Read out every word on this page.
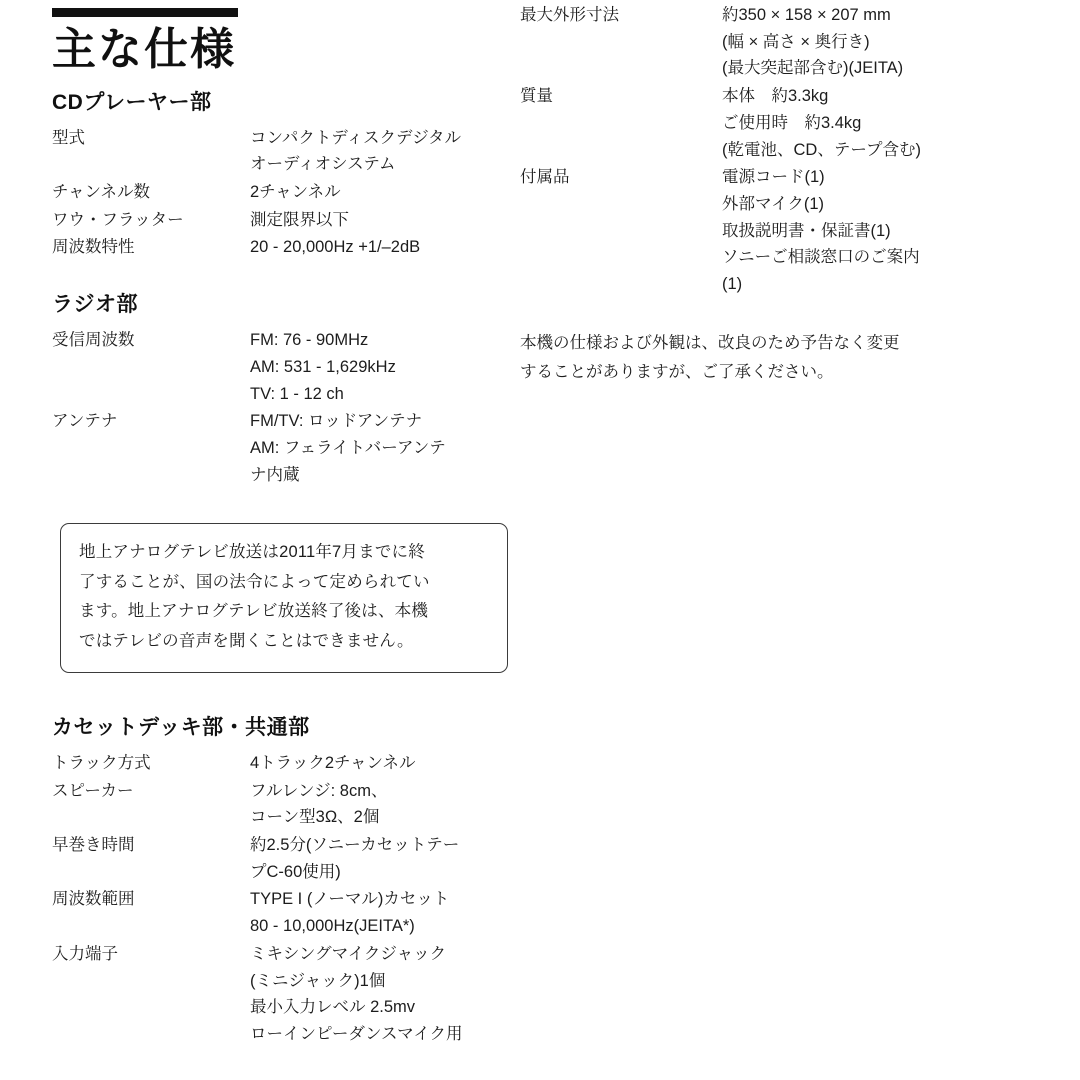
主な仕様
CDプレーヤー部
型式	コンパクトディスクデジタル
オーディオシステム

チャンネル数	2チャンネル

ワウ・フラッター	測定限界以下

周波数特性	20 - 20,000Hz +1/–2dB
ラジオ部
受信周波数	FM: 76 - 90MHz
AM: 531 - 1,629kHz
TV: 1 - 12 ch

アンテナ	FM/TV: ロッドアンテナ
AM: フェライトバーアンテ
ナ内蔵

地上アナログテレビ放送は2011年7月までに終

了することが、国の法令によって定められてい

ます。地上アナログテレビ放送終了後は、本機

ではテレビの音声を聞くことはできません。

カセットデッキ部・共通部
トラック方式	4トラック2チャンネル

スピーカー	フルレンジ: 8cm、
コーン型3Ω、2個

早巻き時間	約2.5分(ソニーカセットテー
プC-60使用)

周波数範囲	TYPE I (ノーマル)カセット
80 - 10,000Hz(JEITA*)

入力端子	ミキシングマイクジャック
(ミニジャック)1個
最小入力レベル 2.5mv
ローインピーダンスマイク用
最大外形寸法	約350 × 158 × 207 mm
(幅 × 高さ × 奥行き)
(最大突起部含む)(JEITA)

質量	本体　約3.3kg
ご使用時　約3.4kg
(乾電池、CD、テープ含む)

付属品	電源コード(1)
外部マイク(1)
取扱説明書・保証書(1)
ソニーご相談窓口のご案内
(1)
本機の仕様および外観は、改良のため予告なく変更
することがありますが、ご了承ください。
